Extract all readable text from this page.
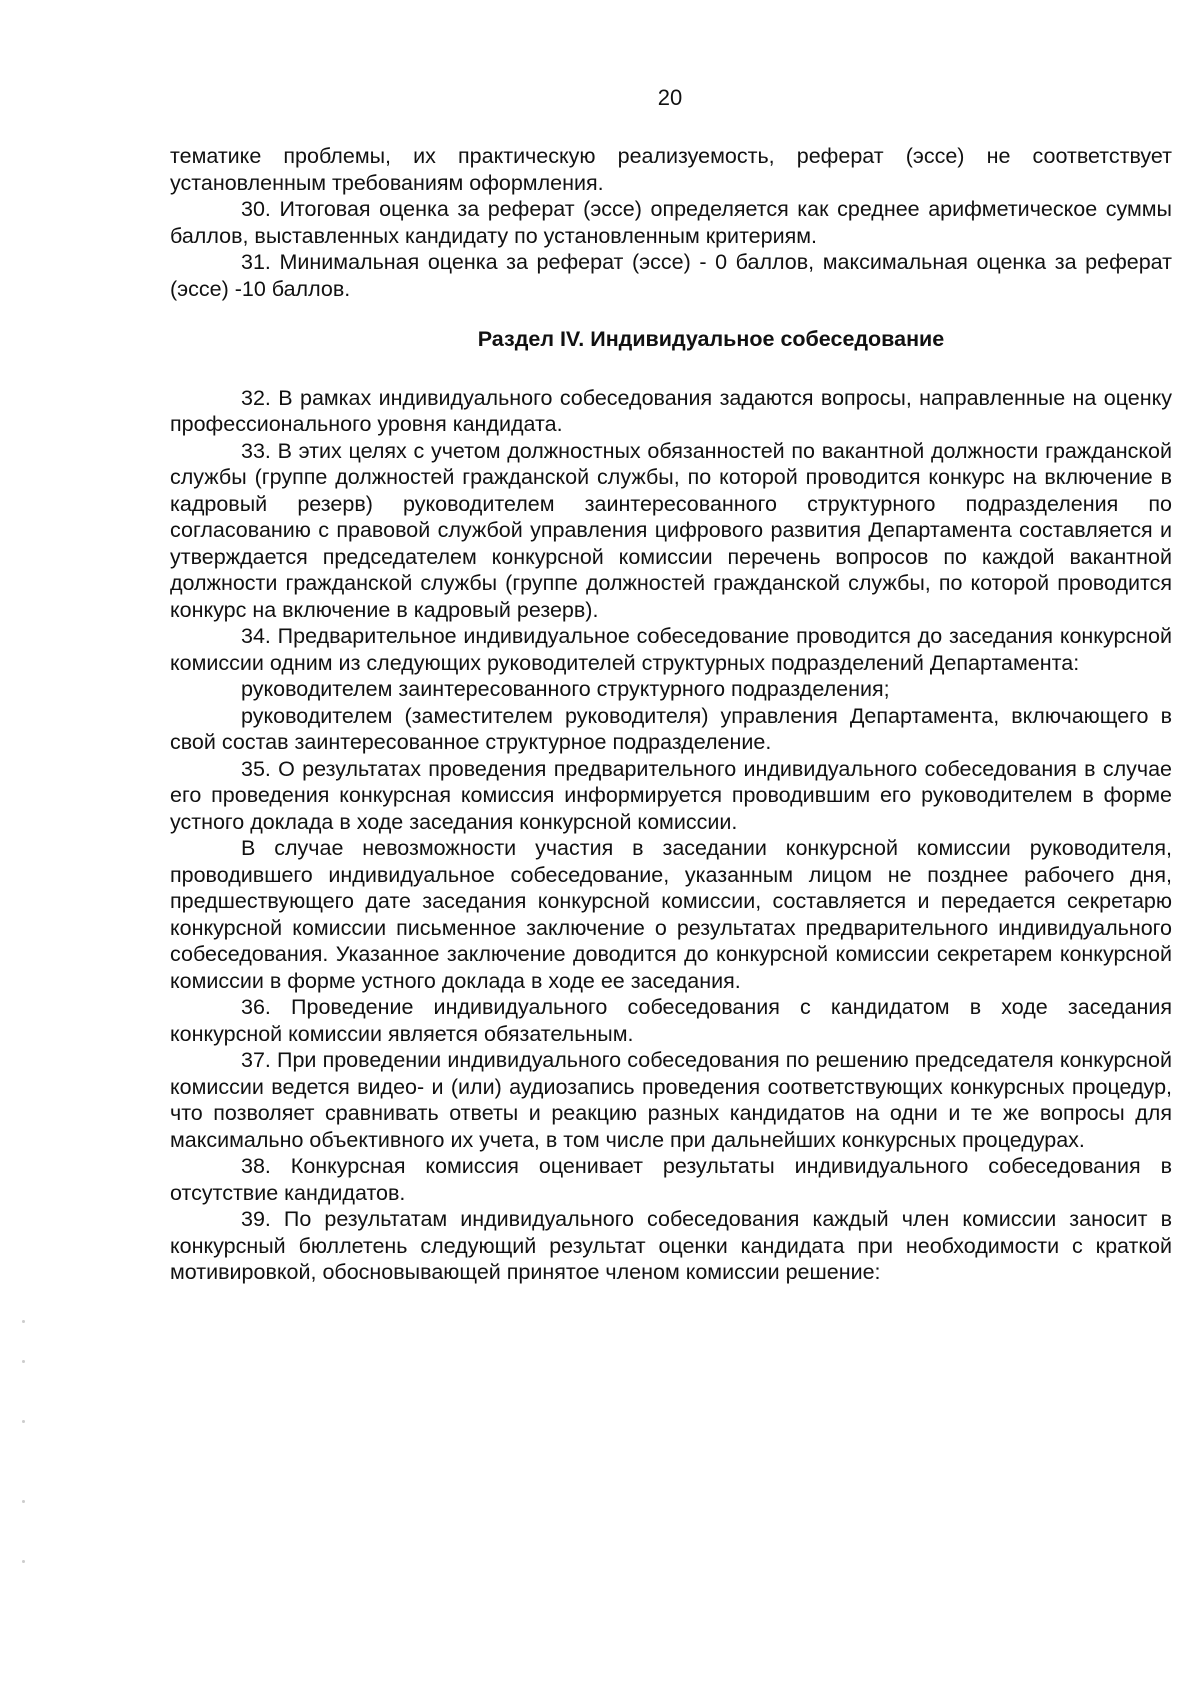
20

тематике проблемы, их практическую реализуемость, реферат (эссе) не соответствует установленным требованиям оформления.

30. Итоговая оценка за реферат (эссе) определяется как среднее арифметическое суммы баллов, выставленных кандидату по установленным критериям.

31. Минимальная оценка за реферат (эссе) - 0 баллов, максимальная оценка за реферат (эссе) -10 баллов.

Раздел IV. Индивидуальное собеседование

32. В рамках индивидуального собеседования задаются вопросы, направленные на оценку профессионального уровня кандидата.

33. В этих целях с учетом должностных обязанностей по вакантной должности гражданской службы (группе должностей гражданской службы, по которой проводится конкурс на включение в кадровый резерв) руководителем заинтересованного структурного подразделения по согласованию с правовой службой управления цифрового развития Департамента составляется и утверждается председателем конкурсной комиссии перечень вопросов по каждой вакантной должности гражданской службы (группе должностей гражданской службы, по которой проводится конкурс на включение в кадровый резерв).

34. Предварительное индивидуальное собеседование проводится до заседания конкурсной комиссии одним из следующих руководителей структурных подразделений Департамента:

руководителем заинтересованного структурного подразделения;

руководителем (заместителем руководителя) управления Департамента, включающего в свой состав заинтересованное структурное подразделение.

35. О результатах проведения предварительного индивидуального собеседования в случае его проведения конкурсная комиссия информируется проводившим его руководителем в форме устного доклада в ходе заседания конкурсной комиссии.

В случае невозможности участия в заседании конкурсной комиссии руководителя, проводившего индивидуальное собеседование, указанным лицом не позднее рабочего дня, предшествующего дате заседания конкурсной комиссии, составляется и передается секретарю конкурсной комиссии письменное заключение о результатах предварительного индивидуального собеседования. Указанное заключение доводится до конкурсной комиссии секретарем конкурсной комиссии в форме устного доклада в ходе ее заседания.

36. Проведение индивидуального собеседования с кандидатом в ходе заседания конкурсной комиссии является обязательным.

37. При проведении индивидуального собеседования по решению председателя конкурсной комиссии ведется видео- и (или) аудиозапись проведения соответствующих конкурсных процедур, что позволяет сравнивать ответы и реакцию разных кандидатов на одни и те же вопросы для максимально объективного их учета, в том числе при дальнейших конкурсных процедурах.

38. Конкурсная комиссия оценивает результаты индивидуального собеседования в отсутствие кандидатов.

39. По результатам индивидуального собеседования каждый член комиссии заносит в конкурсный бюллетень следующий результат оценки кандидата при необходимости с краткой мотивировкой, обосновывающей принятое членом комиссии решение:
